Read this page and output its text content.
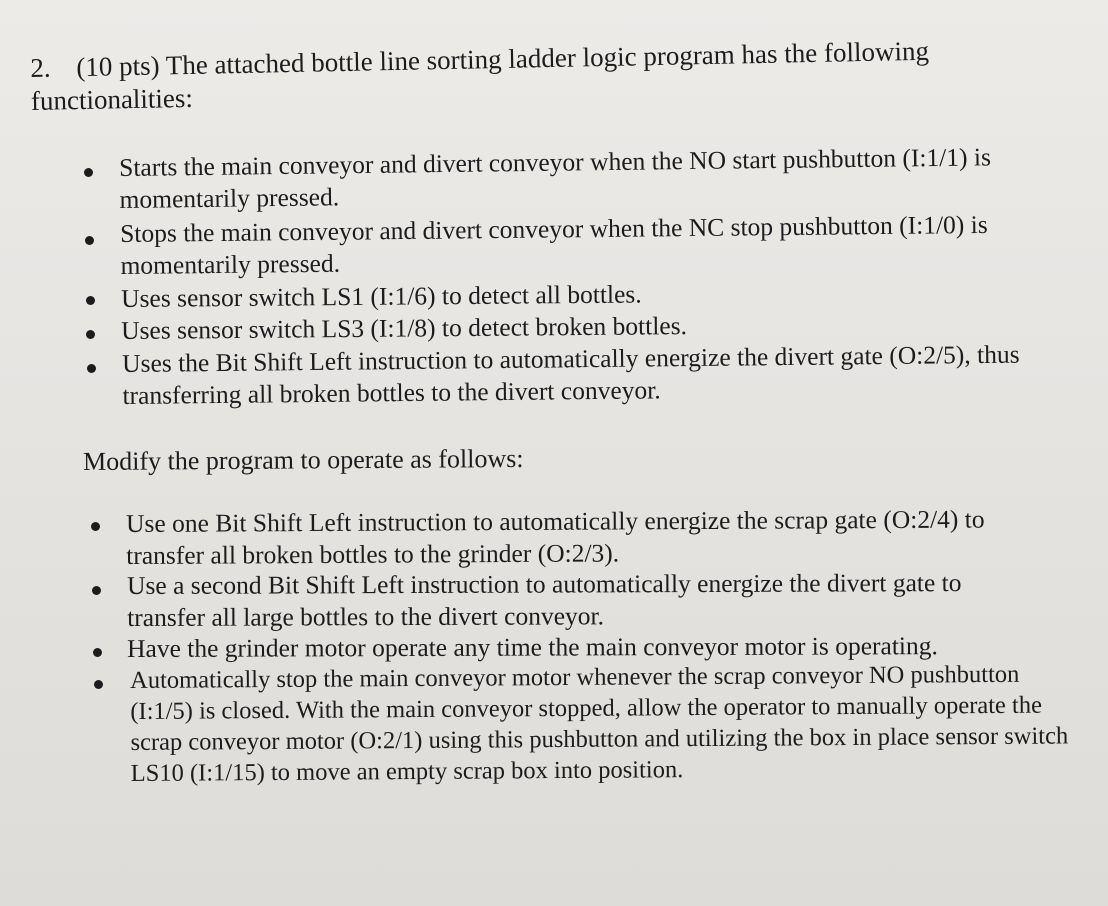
2. (10 pts) The attached bottle line sorting ladder logic program has the following functionalities:
Starts the main conveyor and divert conveyor when the NO start pushbutton (I:1/1) is momentarily pressed.
Stops the main conveyor and divert conveyor when the NC stop pushbutton (I:1/0) is momentarily pressed.
Uses sensor switch LS1 (I:1/6) to detect all bottles.
Uses sensor switch LS3 (I:1/8) to detect broken bottles.
Uses the Bit Shift Left instruction to automatically energize the divert gate (O:2/5), thus transferring all broken bottles to the divert conveyor.
Modify the program to operate as follows:
Use one Bit Shift Left instruction to automatically energize the scrap gate (O:2/4) to transfer all broken bottles to the grinder (O:2/3).
Use a second Bit Shift Left instruction to automatically energize the divert gate to transfer all large bottles to the divert conveyor.
Have the grinder motor operate any time the main conveyor motor is operating.
Automatically stop the main conveyor motor whenever the scrap conveyor NO pushbutton (I:1/5) is closed. With the main conveyor stopped, allow the operator to manually operate the scrap conveyor motor (O:2/1) using this pushbutton and utilizing the box in place sensor switch LS10 (I:1/15) to move an empty scrap box into position.
